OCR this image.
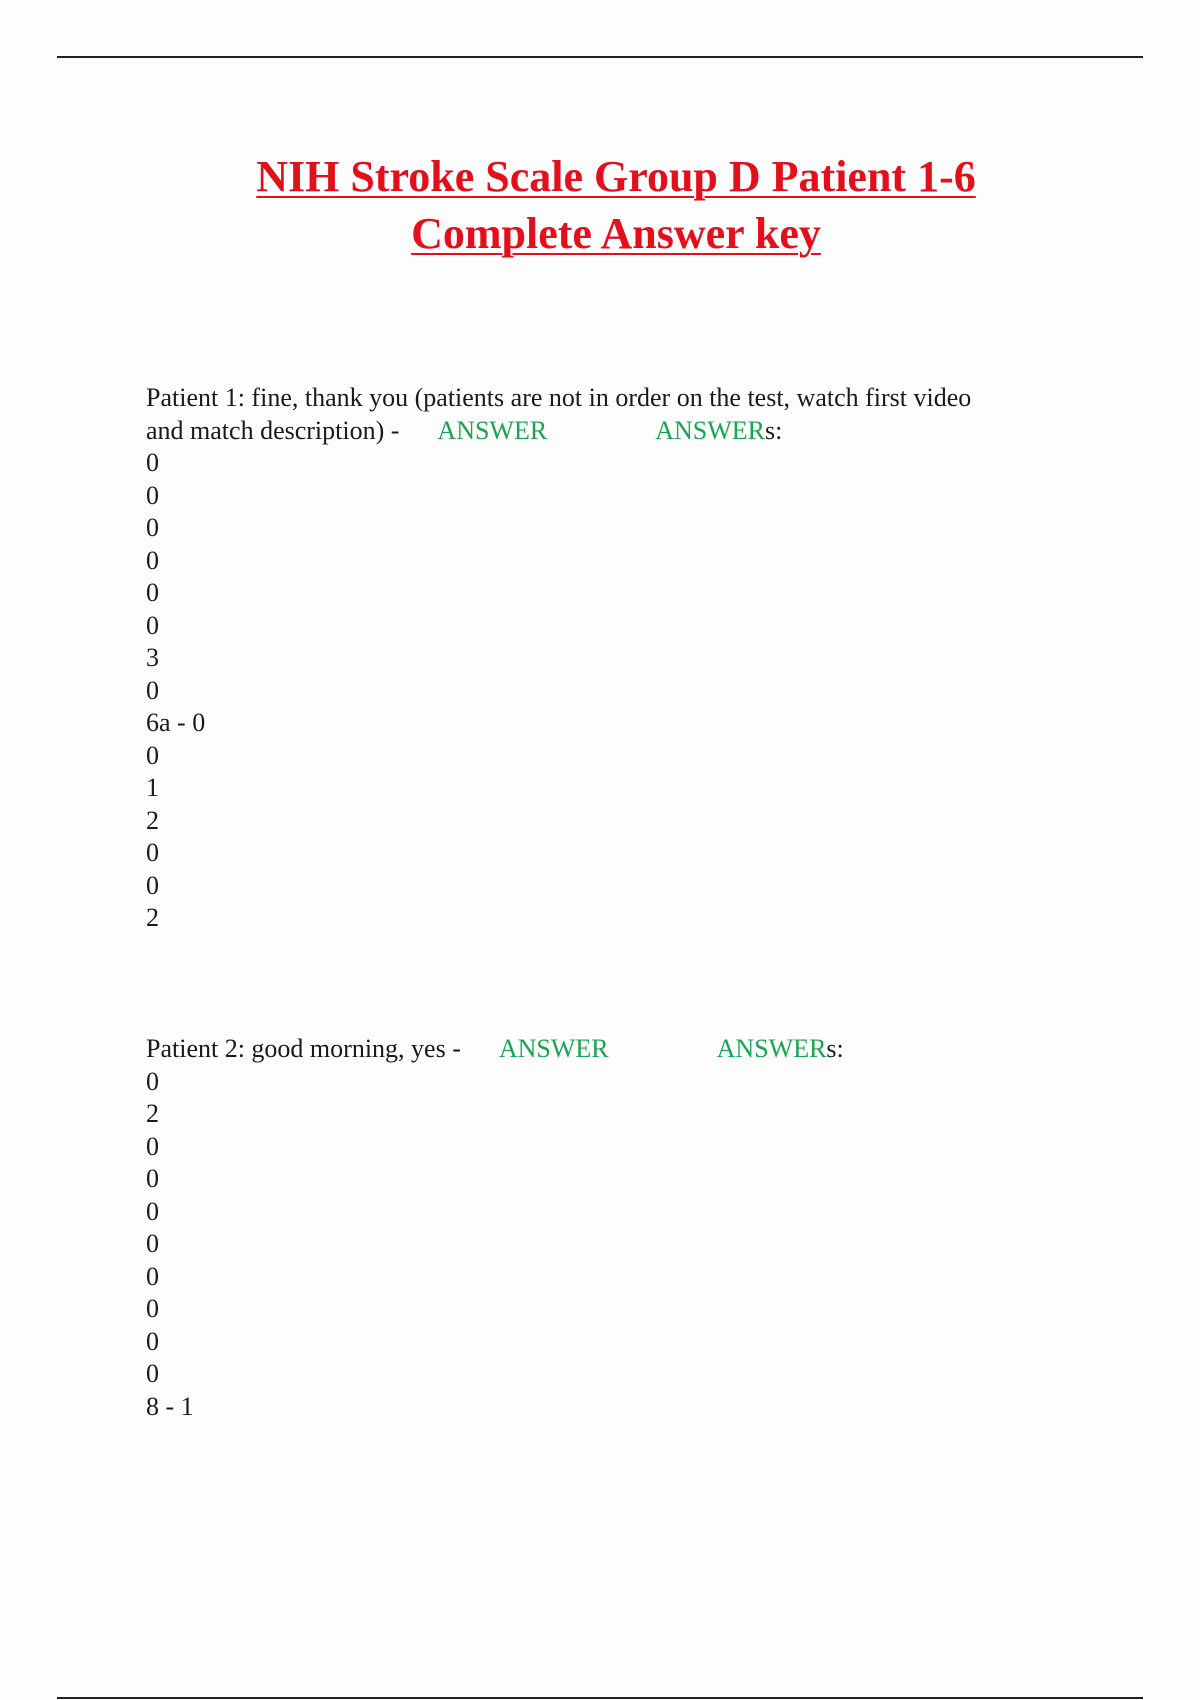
NIH Stroke Scale Group D Patient 1-6
Complete Answer key
Patient 1: fine, thank you (patients are not in order on the test, watch first video
and match description) - ANSWER	ANSWERs:
0
0
0
0
0
0
3
0
6a - 0
0
1
2
0
0
2
Patient 2: good morning, yes - ANSWER	ANSWERs:
0
2
0
0
0
0
0
0
0
0
8 - 1
